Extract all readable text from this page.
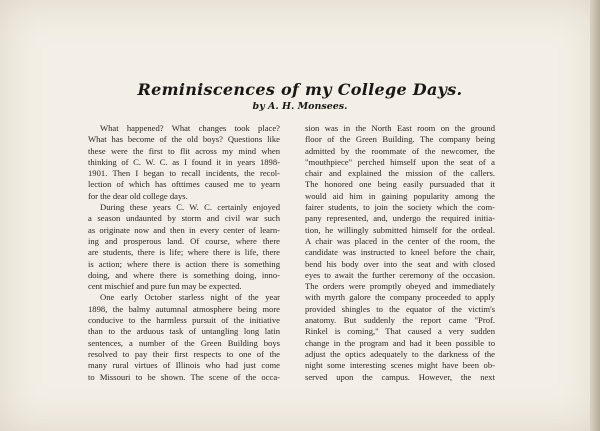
Reminiscences of my College Days.
by A. H. Monsees.
What happened? What changes took place?
What has become of the old boys? Questions like
these were the first to flit across my mind when
thinking of C. W. C. as I found it in years 1898-
1901. Then I began to recall incidents, the recol-
lection of which has ofttimes caused me to yearn
for the dear old college days.
During these years C. W. C. certainly enjoyed
a season undaunted by storm and civil war such
as originate now and then in every center of learn-
ing and prosperous land. Of course, where there
are students, there is life; where there is life, there
is action; where there is action there is something
doing, and where there is something doing, inno-
cent mischief and pure fun may be expected.
One early October starless night of the year
1898, the balmy autumnal atmosphere being more
conducive to the harmless pursuit of the initiative
than to the arduous task of untangling long latin
sentences, a number of the Green Building boys
resolved to pay their first respects to one of the
many rural virtues of Illinois who had just come
to Missouri to be shown. The scene of the occa-
sion was in the North East room on the ground
floor of the Green Building. The company being
admitted by the roommate of the newcomer, the
"mouthpiece" perched himself upon the seat of a
chair and explained the mission of the callers.
The honored one being easily pursuaded that it
would aid him in gaining popularity among the
fairer students, to join the society which the com-
pany represented, and, undergo the required initia-
tion, he willingly submitted himself for the ordeal.
A chair was placed in the center of the room, the
candidate was instructed to kneel before the chair,
bend his body over into the seat and with closed
eyes to await the further ceremony of the occasion.
The orders were promptly obeyed and immediately
with myrth galore the company proceeded to apply
provided shingles to the equator of the victim's
anatomy. But suddenly the report came "Prof.
Rinkel is coming," That caused a very sudden
change in the program and had it been possible to
adjust the optics adequately to the darkness of the
night some interesting scenes might have been ob-
served upon the campus. However, the next
